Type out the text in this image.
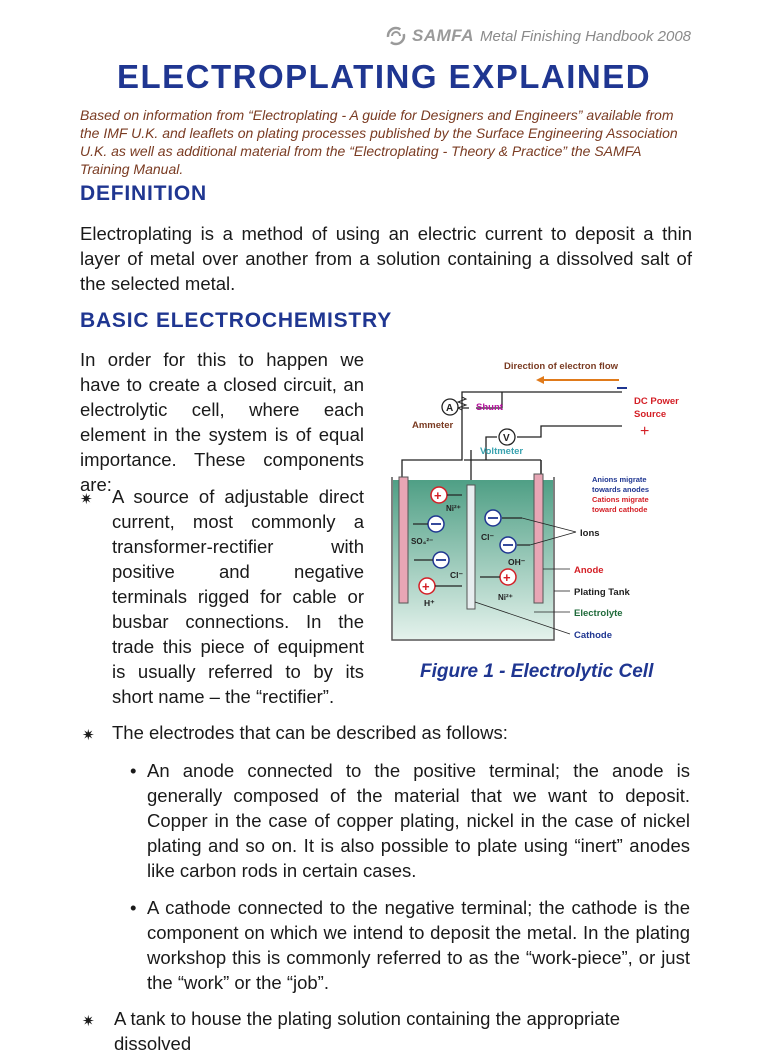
SAMFA Metal Finishing Handbook 2008
ELECTROPLATING EXPLAINED
Based on information from “Electroplating - A guide for Designers and Engineers” available from the IMF U.K. and leaflets on plating processes published by the Surface Engineering Association U.K. as well as additional material from the “Electroplating - Theory & Practice” the SAMFA Training Manual.
DEFINITION
Electroplating is a method of using an electric current to deposit a thin layer of metal over another from a solution containing a dissolved salt of the selected metal.
BASIC ELECTROCHEMISTRY
In order for this to happen we have to create a closed circuit, an electrolytic cell, where each element in the system is of equal importance. These components are:
✷	A source of adjustable direct current, most commonly a transformer-rectifier with positive and negative terminals rigged for cable or busbar connections. In the trade this piece of equipment is usually referred to by its short name – the “rectifier”.
Direction of electron flow
Shunt
A
Ammeter
V
Voltmeter
DC Power
Source
+
+
Ni²⁺
SO₄²⁻
Cl⁻
+
H⁺
Cl⁻
OH⁻
+
Ni²⁺
Anions migrate
towards anodes
Cations migrate
toward cathode
Ions
Anode
Plating Tank
Electrolyte
Cathode
Figure 1 - Electrolytic Cell
✷ The electrodes that can be described as follows:
• An anode connected to the positive terminal; the anode is generally composed of the material that we want to deposit. Copper in the case of copper plating, nickel in the case of nickel plating and so on. It is also possible to plate using “inert” anodes like carbon rods in certain cases.
• A cathode connected to the negative terminal; the cathode is the component on which we intend to deposit the metal. In the plating workshop this is commonly referred to as the “work-piece”, or just the “work” or the “job”.
✷	A tank to house the plating solution containing the appropriate dissolved
